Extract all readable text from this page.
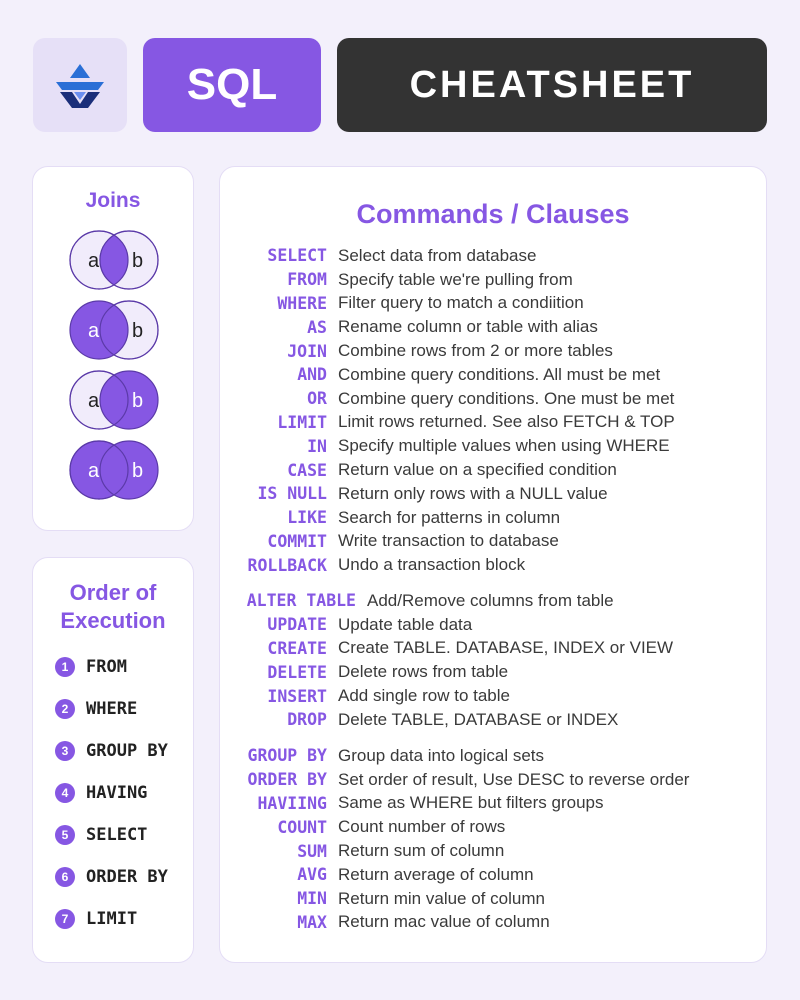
SQL	CHEATSHEET
Joins
a b
a b
a b
a b
Order of Execution
1	FROM
2	WHERE
3	GROUP BY
4	HAVING
5	SELECT
6	ORDER BY
7	LIMIT
Commands / Clauses
SELECT Select data from database
FROM Specify table we're pulling from
WHERE Filter query to match a condiition
AS Rename column or table with alias
JOIN Combine rows from 2 or more tables
AND Combine query conditions. All must be met
OR Combine query conditions. One must be met
LIMIT Limit rows returned. See also FETCH & TOP
IN Specify multiple values when using WHERE
CASE Return value on a specified condition
IS NULL Return only rows with a NULL value
LIKE Search for patterns in column
COMMIT Write transaction to database
ROLLBACK Undo a transaction block
ALTER TABLE Add/Remove columns from table
UPDATE Update table data
CREATE Create TABLE. DATABASE, INDEX or VIEW
DELETE Delete rows from table
INSERT Add single row to table
DROP Delete TABLE, DATABASE or INDEX
GROUP BY Group data into logical sets
ORDER BY Set order of result, Use DESC to reverse order
HAVIING Same as WHERE but filters groups
COUNT Count number of rows
SUM Return sum of column
AVG Return average of column
MIN Return min value of column
MAX Return mac value of column
